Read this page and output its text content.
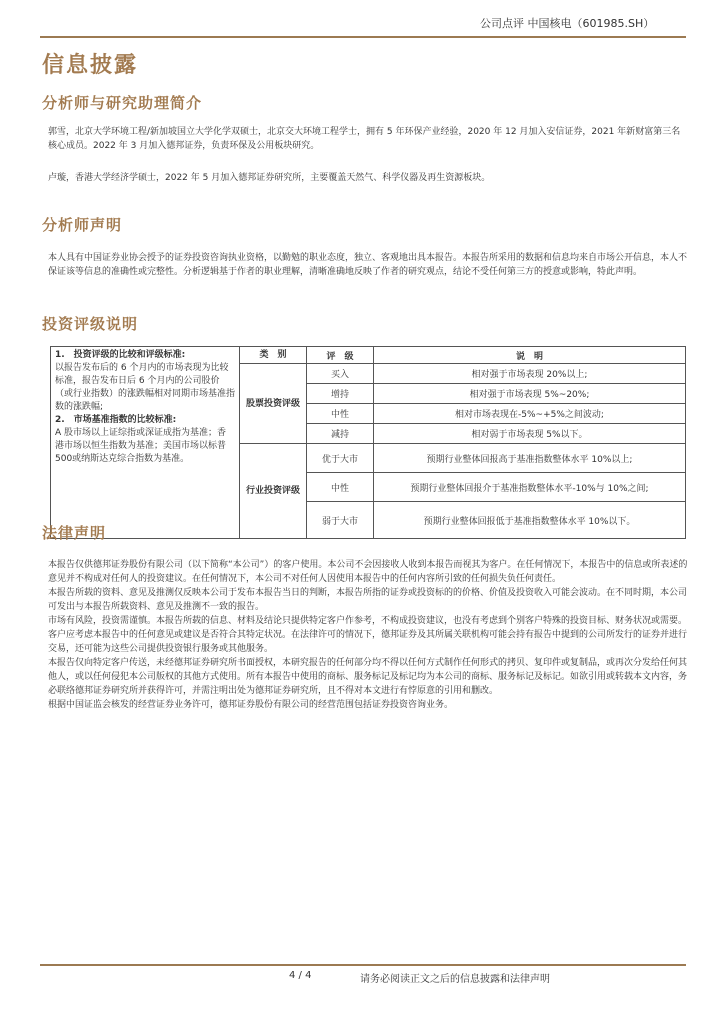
公司点评 中国核电（601985.SH）
信息披露
分析师与研究助理简介

郭雪，北京大学环境工程/新加坡国立大学化学双硕士，北京交大环境工程学士，拥有 5 年环保产业经验，2020 年 12 月加入安信证券，2021 年新财富第三名核心成员。2022 年 3 月加入德邦证券，负责环保及公用板块研究。

卢璇，香港大学经济学硕士，2022 年 5 月加入德邦证券研究所，主要覆盖天然气、科学仪器及再生资源板块。

分析师声明

本人具有中国证券业协会授予的证券投资咨询执业资格，以勤勉的职业态度，独立、客观地出具本报告。本报告所采用的数据和信息均来自市场公开信息，本人不保证该等信息的准确性或完整性。分析逻辑基于作者的职业理解，清晰准确地反映了作者的研究观点，结论不受任何第三方的授意或影响，特此声明。

投资评级说明
1.　投资评级的比较和评级标准:
以报告发布后的 6 个月内的市场表现为比较标准，报告发布日后 6 个月内的公司股价（或行业指数）的涨跌幅相对同期市场基准指数的涨跌幅;
2.　市场基准指数的比较标准:
A 股市场以上证综指或深证成指为基准；香港市场以恒生指数为基准；美国市场以标普500或纳斯达克综合指数为基准。	类　别	评　级	说　明
	股票投资评级	买入	相对强于市场表现 20%以上;
		增持	相对强于市场表现 5%~20%;
		中性	相对市场表现在-5%~+5%之间波动;
		减持	相对弱于市场表现 5%以下。
	行业投资评级	优于大市	预期行业整体回报高于基准指数整体水平 10%以上;
		中性	预期行业整体回报介于基准指数整体水平-10%与 10%之间;
		弱于大市	预期行业整体回报低于基准指数整体水平 10%以下。
法律声明

本报告仅供德邦证券股份有限公司（以下简称“本公司”）的客户使用。本公司不会因接收人收到本报告而视其为客户。在任何情况下，本报告中的信息或所表述的意见并不构成对任何人的投资建议。在任何情况下，本公司不对任何人因使用本报告中的任何内容所引致的任何损失负任何责任。
本报告所载的资料、意见及推测仅反映本公司于发布本报告当日的判断，本报告所指的证券或投资标的的价格、价值及投资收入可能会波动。在不同时期，本公司可发出与本报告所载资料、意见及推测不一致的报告。
市场有风险，投资需谨慎。本报告所载的信息、材料及结论只提供特定客户作参考，不构成投资建议，也没有考虑到个别客户特殊的投资目标、财务状况或需要。客户应考虑本报告中的任何意见或建议是否符合其特定状况。在法律许可的情况下，德邦证券及其所属关联机构可能会持有报告中提到的公司所发行的证券并进行交易，还可能为这些公司提供投资银行服务或其他服务。
本报告仅向特定客户传送，未经德邦证券研究所书面授权，本研究报告的任何部分均不得以任何方式制作任何形式的拷贝、复印件或复制品，或再次分发给任何其他人，或以任何侵犯本公司版权的其他方式使用。所有本报告中使用的商标、服务标记及标记均为本公司的商标、服务标记及标记。如欲引用或转载本文内容，务必联络德邦证券研究所并获得许可，并需注明出处为德邦证券研究所，且不得对本文进行有悖原意的引用和删改。
根据中国证监会核发的经营证券业务许可，德邦证券股份有限公司的经营范围包括证券投资咨询业务。

4 / 4	请务必阅读正文之后的信息披露和法律声明
